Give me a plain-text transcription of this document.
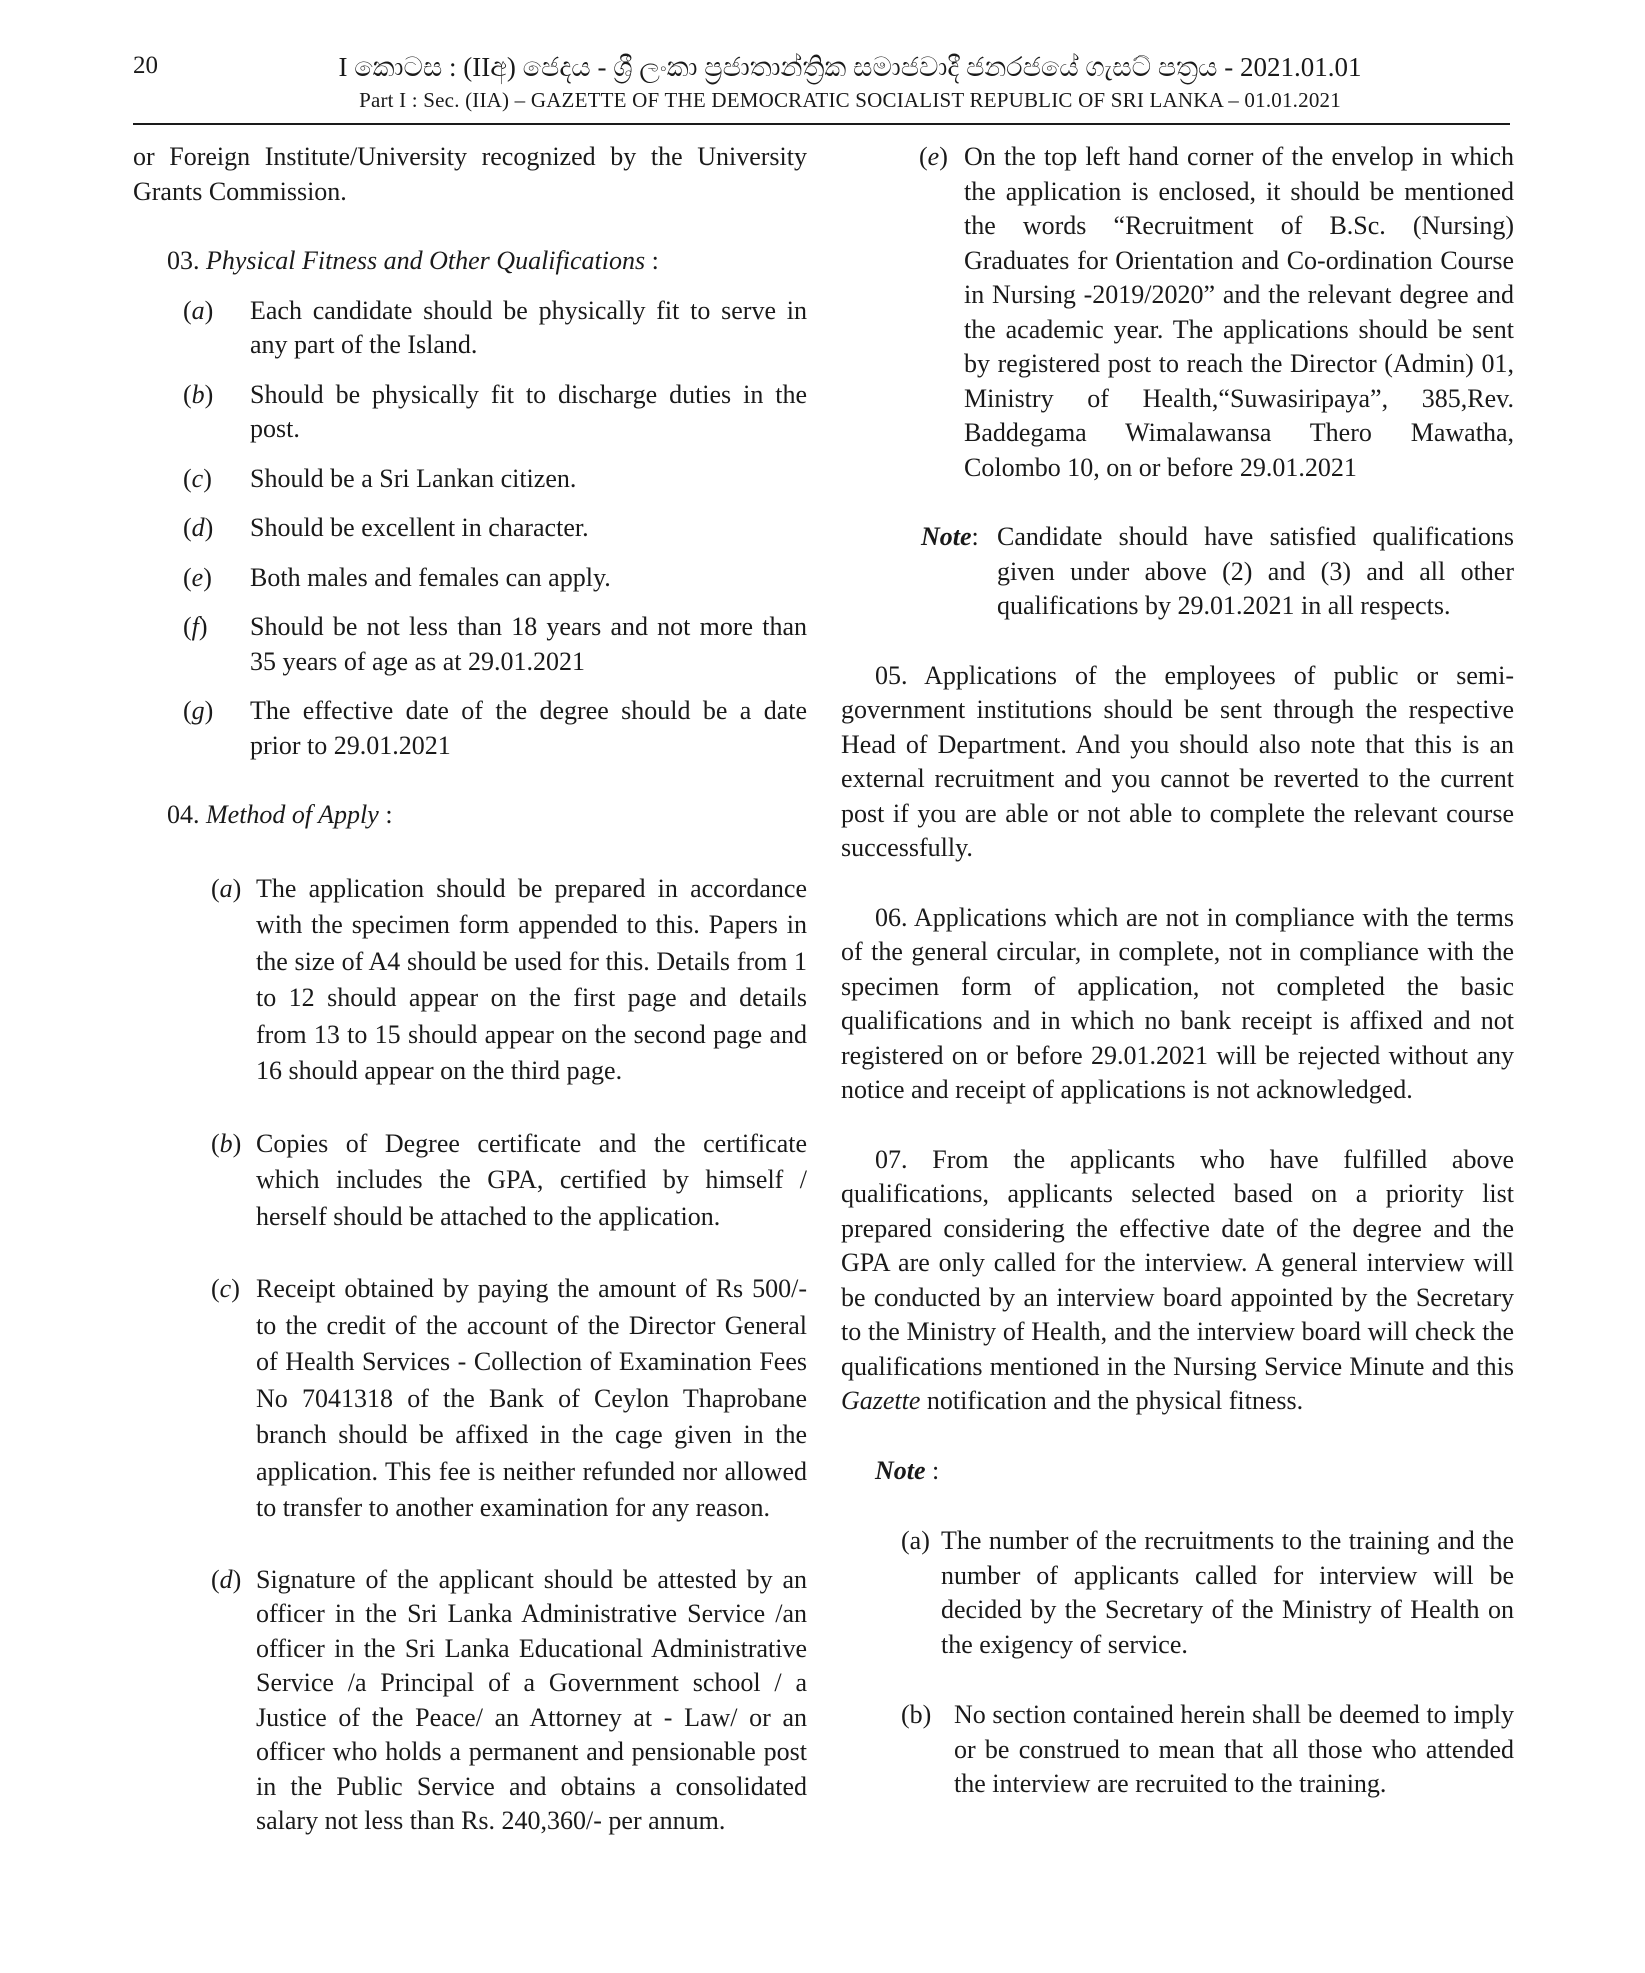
20	I කොටස : (IIඅ) ජෙදය - ශ්‍රී ලංකා ප්‍රජාතාන්ත්‍රික සමාජවාදී ජනරජයේ ගැසට් පත්‍රය - 2021.01.01
Part I : Sec. (IIA) – GAZETTE OF THE DEMOCRATIC SOCIALIST REPUBLIC OF SRI LANKA – 01.01.2021

or Foreign Institute/University recognized by the University Grants Commission.

03. Physical Fitness and Other Qualifications :

(a)	Each candidate should be physically fit to serve in any part of the Island.
(b)	Should be physically fit to discharge duties in the post.
(c)	Should be a Sri Lankan citizen.
(d)	Should be excellent in character.
(e)	Both males and females can apply.
(f)	Should be not less than 18 years and not more than 35 years of age as at 29.01.2021
(g)	The effective date of the degree should be a date prior to 29.01.2021

04. Method of Apply :

(a) The application should be prepared in accordance with the specimen form appended to this. Papers in the size of A4 should be used for this. Details from 1 to 12 should appear on the first page and details from 13 to 15 should appear on the second page and 16 should appear on the third page.
(b) Copies of Degree certificate and the certificate which includes the GPA, certified by himself / herself should be attached to the application.
(c) Receipt obtained by paying the amount of Rs 500/- to the credit of the account of the Director General of Health Services - Collection of Examination Fees No 7041318 of the Bank of Ceylon Thaprobane branch should be affixed in the cage given in the application. This fee is neither refunded nor allowed to transfer to another examination for any reason.
(d) Signature of the applicant should be attested by an officer in the Sri Lanka Administrative Service /an officer in the Sri Lanka Educational Administrative Service /a Principal of a Government school / a Justice of the Peace/ an Attorney at - Law/ or an officer who holds a permanent and pensionable post in the Public Service and obtains a consolidated salary not less than Rs. 240,360/- per annum.
(e) On the top left hand corner of the envelop in which the application is enclosed, it should be mentioned the words “Recruitment of B.Sc. (Nursing) Graduates for Orientation and Co-ordination Course in Nursing -2019/2020” and the relevant degree and the academic year. The applications should be sent by registered post to reach the Director (Admin) 01, Ministry of Health,“Suwasiripaya”, 385,Rev. Baddegama Wimalawansa Thero Mawatha, Colombo 10, on or before 29.01.2021
Note: Candidate should have satisfied qualifications given under above (2) and (3) and all other qualifications by 29.01.2021 in all respects.

05. Applications of the employees of public or semi-government institutions should be sent through the respective Head of Department. And you should also note that this is an external recruitment and you cannot be reverted to the current post if you are able or not able to complete the relevant course successfully.

06. Applications which are not in compliance with the terms of the general circular, in complete, not in compliance with the specimen form of application, not completed the basic qualifications and in which no bank receipt is affixed and not registered on or before 29.01.2021 will be rejected without any notice and receipt of applications is not acknowledged.

07. From the applicants who have fulfilled above qualifications, applicants selected based on a priority list prepared considering the effective date of the degree and the GPA are only called for the interview. A general interview will be conducted by an interview board appointed by the Secretary to the Ministry of Health, and the interview board will check the qualifications mentioned in the Nursing Service Minute and this Gazette notification and the physical fitness.

Note :

(a) The number of the recruitments to the training and the number of applicants called for interview will be decided by the Secretary of the Ministry of Health on the exigency of service.
(b) No section contained herein shall be deemed to imply or be construed to mean that all those who attended the interview are recruited to the training.
